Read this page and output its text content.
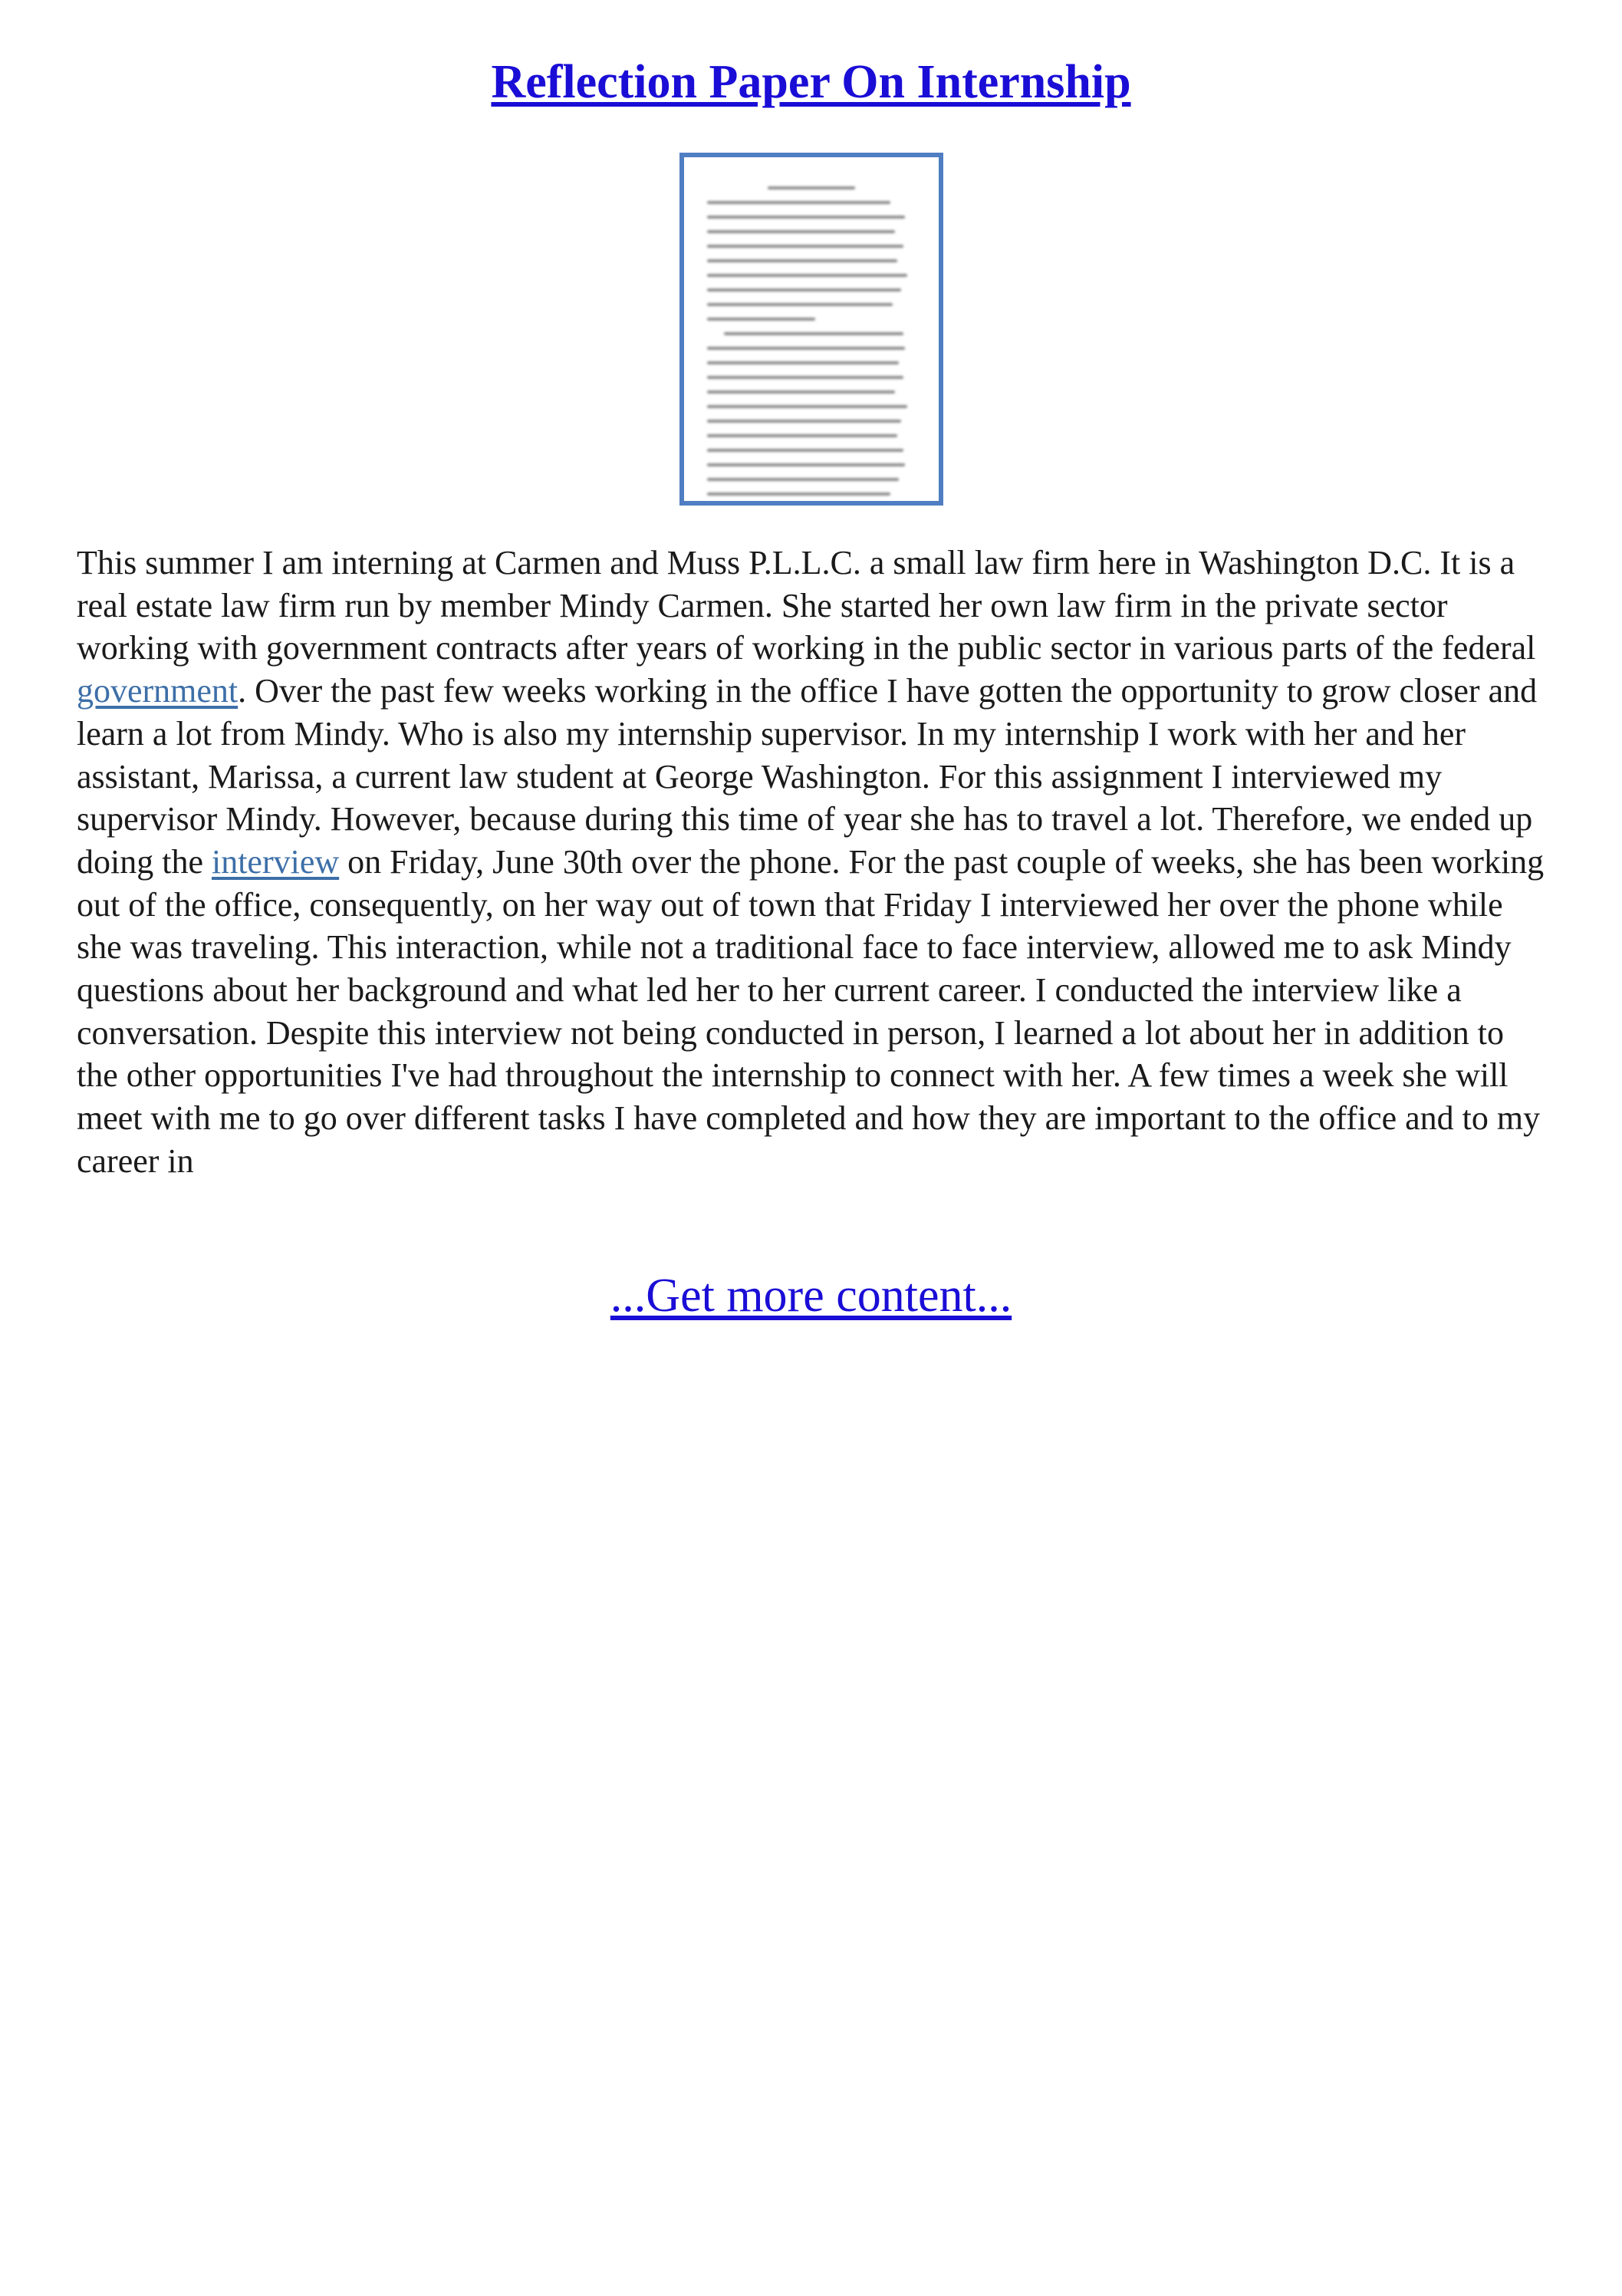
Reflection Paper On Internship
This summer I am interning at Carmen and Muss P.L.L.C. a small law firm here in Washington D.C. It is a real estate law firm run by member Mindy Carmen. She started her own law firm in the private sector working with government contracts after years of working in the public sector in various parts of the federal government. Over the past few weeks working in the office I have gotten the opportunity to grow closer and learn a lot from Mindy. Who is also my internship supervisor. In my internship I work with her and her assistant, Marissa, a current law student at George Washington. For this assignment I interviewed my supervisor Mindy. However, because during this time of year she has to travel a lot. Therefore, we ended up doing the interview on Friday, June 30th over the phone. For the past couple of weeks, she has been working out of the office, consequently, on her way out of town that Friday I interviewed her over the phone while she was traveling. This interaction, while not a traditional face to face interview, allowed me to ask Mindy questions about her background and what led her to her current career. I conducted the interview like a conversation. Despite this interview not being conducted in person, I learned a lot about her in addition to the other opportunities I've had throughout the internship to connect with her. A few times a week she will meet with me to go over different tasks I have completed and how they are important to the office and to my career in
...Get more content...
